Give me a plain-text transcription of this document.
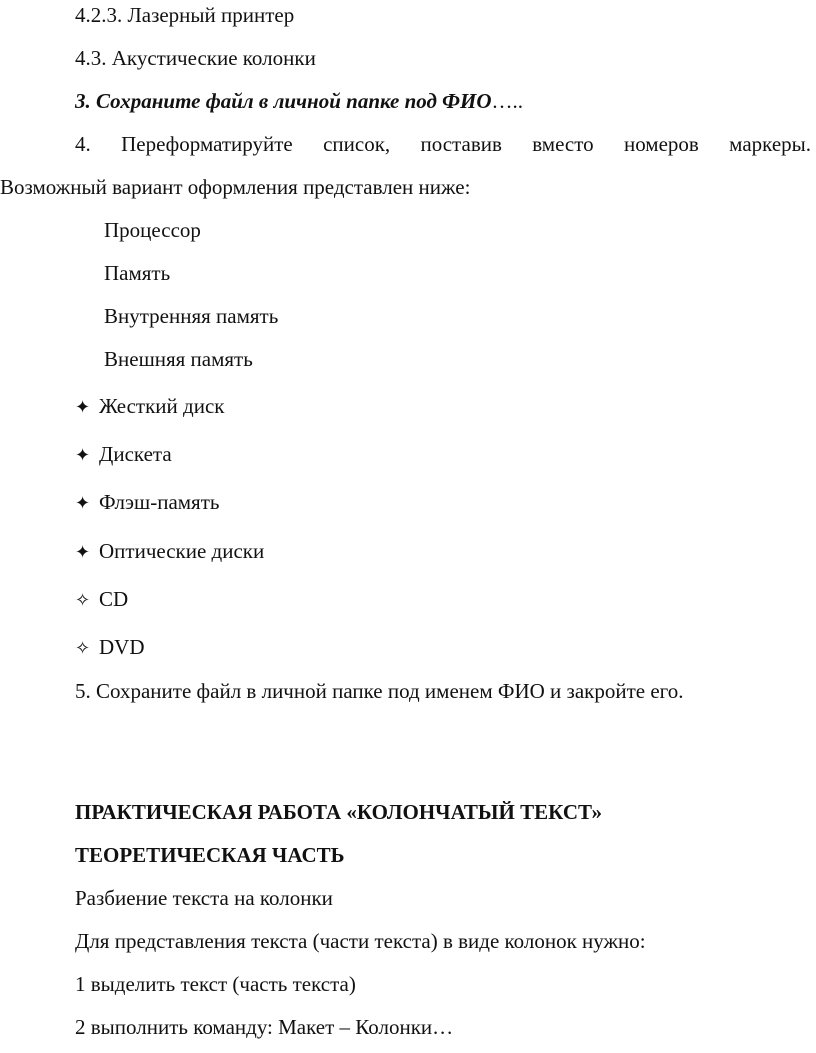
4.2.3. Лазерный принтер
4.3. Акустические колонки
3. Сохраните файл в личной папке под ФИО…..
4. Переформатируйте список, поставив вместо номеров маркеры.
Возможный вариант оформления представлен ниже:
Процессор
Память
Внутренняя память
Внешняя память
✦ Жесткий диск
✦ Дискета
✦ Флэш-память
✦ Оптические диски
✧ CD
✧ DVD
5. Сохраните файл в личной папке под именем ФИО и закройте его.
ПРАКТИЧЕСКАЯ РАБОТА «КОЛОНЧАТЫЙ ТЕКСТ»
ТЕОРЕТИЧЕСКАЯ ЧАСТЬ
Разбиение текста на колонки
Для представления текста (части текста) в виде колонок нужно:
1 выделить текст (часть текста)
2 выполнить команду: Макет – Колонки…
